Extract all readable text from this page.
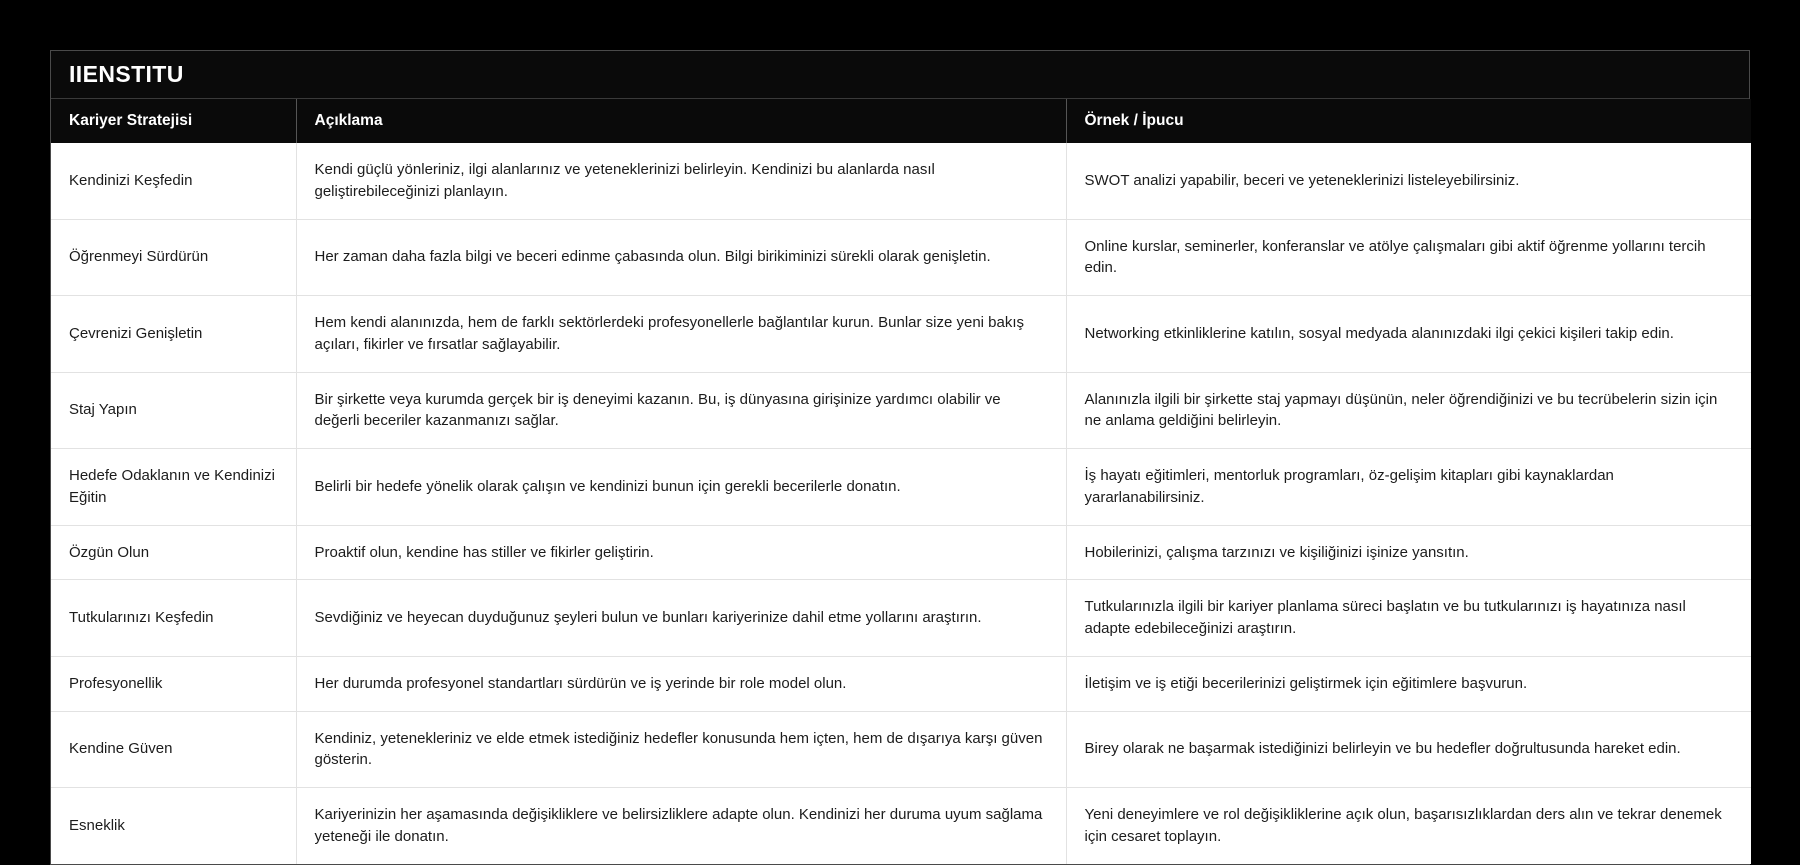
IIENSTITU
Kariyer Stratejisi	Açıklama	Örnek / İpucu
Kendinizi Keşfedin	Kendi güçlü yönleriniz, ilgi alanlarınız ve yeteneklerinizi belirleyin. Kendinizi bu alanlarda nasıl geliştirebileceğinizi planlayın.	SWOT analizi yapabilir, beceri ve yeteneklerinizi listeleyebilirsiniz.
Öğrenmeyi Sürdürün	Her zaman daha fazla bilgi ve beceri edinme çabasında olun. Bilgi birikiminizi sürekli olarak genişletin.	Online kurslar, seminerler, konferanslar ve atölye çalışmaları gibi aktif öğrenme yollarını tercih edin.
Çevrenizi Genişletin	Hem kendi alanınızda, hem de farklı sektörlerdeki profesyonellerle bağlantılar kurun. Bunlar size yeni bakış açıları, fikirler ve fırsatlar sağlayabilir.	Networking etkinliklerine katılın, sosyal medyada alanınızdaki ilgi çekici kişileri takip edin.
Staj Yapın	Bir şirkette veya kurumda gerçek bir iş deneyimi kazanın. Bu, iş dünyasına girişinize yardımcı olabilir ve değerli beceriler kazanmanızı sağlar.	Alanınızla ilgili bir şirkette staj yapmayı düşünün, neler öğrendiğinizi ve bu tecrübelerin sizin için ne anlama geldiğini belirleyin.
Hedefe Odaklanın ve Kendinizi Eğitin	Belirli bir hedefe yönelik olarak çalışın ve kendinizi bunun için gerekli becerilerle donatın.	İş hayatı eğitimleri, mentorluk programları, öz-gelişim kitapları gibi kaynaklardan yararlanabilirsiniz.
Özgün Olun	Proaktif olun, kendine has stiller ve fikirler geliştirin.	Hobilerinizi, çalışma tarzınızı ve kişiliğinizi işinize yansıtın.
Tutkularınızı Keşfedin	Sevdiğiniz ve heyecan duyduğunuz şeyleri bulun ve bunları kariyerinize dahil etme yollarını araştırın.	Tutkularınızla ilgili bir kariyer planlama süreci başlatın ve bu tutkularınızı iş hayatınıza nasıl adapte edebileceğinizi araştırın.
Profesyonellik	Her durumda profesyonel standartları sürdürün ve iş yerinde bir role model olun.	İletişim ve iş etiği becerilerinizi geliştirmek için eğitimlere başvurun.
Kendine Güven	Kendiniz, yetenekleriniz ve elde etmek istediğiniz hedefler konusunda hem içten, hem de dışarıya karşı güven gösterin.	Birey olarak ne başarmak istediğinizi belirleyin ve bu hedefler doğrultusunda hareket edin.
Esneklik	Kariyerinizin her aşamasında değişikliklere ve belirsizliklere adapte olun. Kendinizi her duruma uyum sağlama yeteneği ile donatın.	Yeni deneyimlere ve rol değişikliklerine açık olun, başarısızlıklardan ders alın ve tekrar denemek için cesaret toplayın.
